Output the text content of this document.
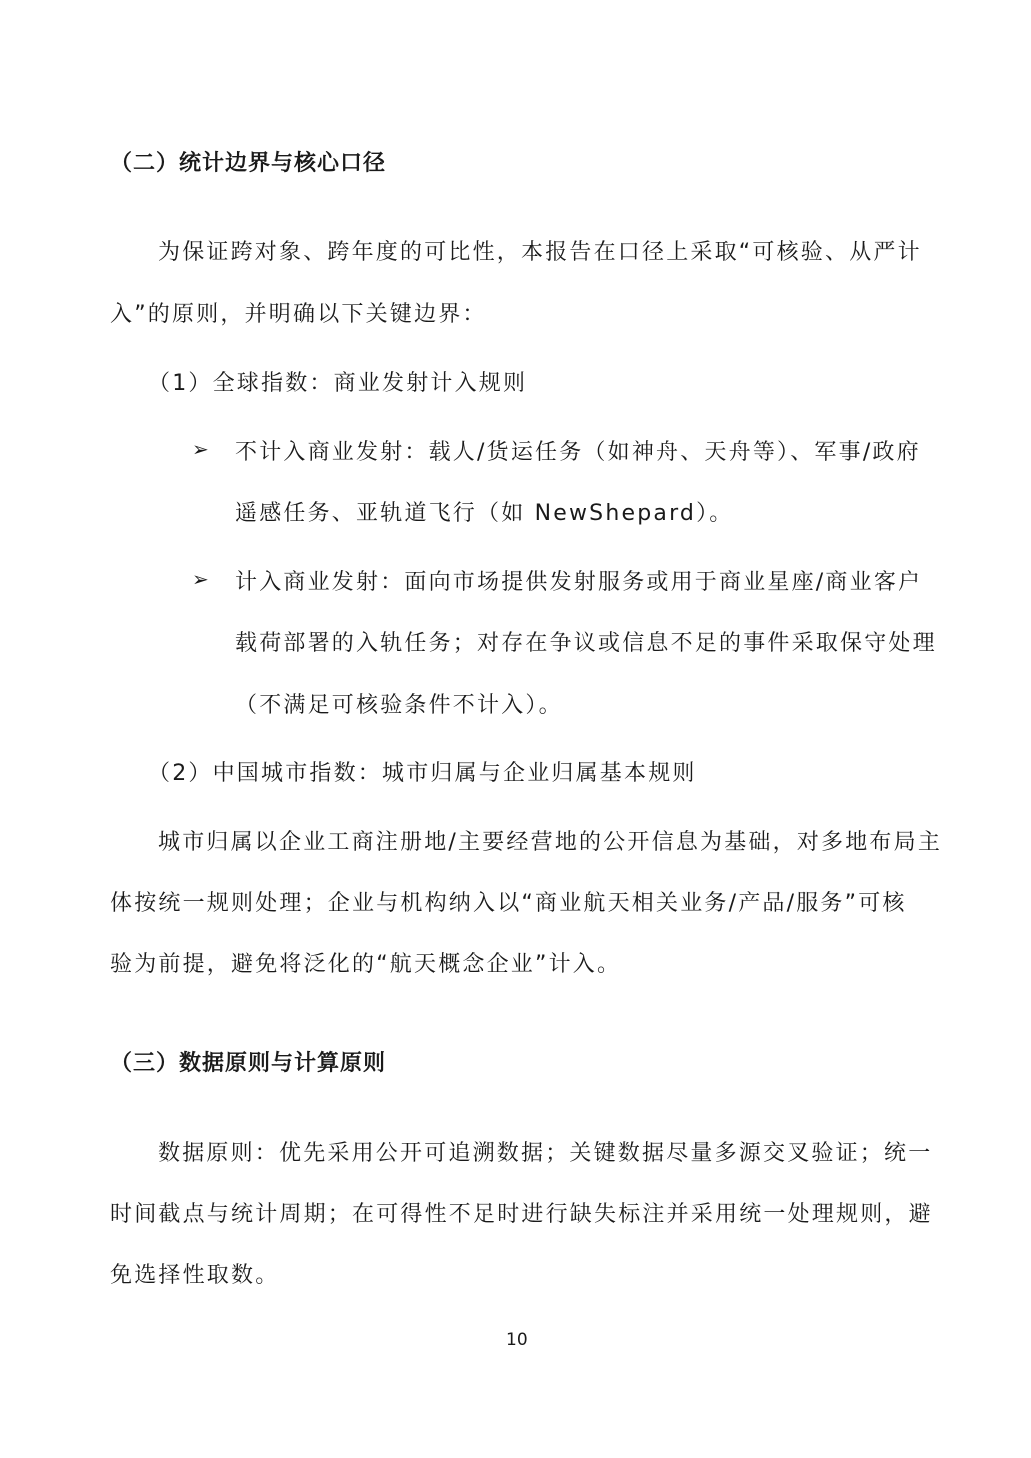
（二）统计边界与核心口径
为保证跨对象、跨年度的可比性，本报告在口径上采取“可核验、从严计
入”的原则，并明确以下关键边界：
（1）全球指数：商业发射计入规则
➢ 不计入商业发射：载人/货运任务（如神舟、天舟等）、军事/政府
遥感任务、亚轨道飞行（如 NewShepard）。
➢ 计入商业发射：面向市场提供发射服务或用于商业星座/商业客户
载荷部署的入轨任务；对存在争议或信息不足的事件采取保守处理
（不满足可核验条件不计入）。
（2）中国城市指数：城市归属与企业归属基本规则
城市归属以企业工商注册地/主要经营地的公开信息为基础，对多地布局主
体按统一规则处理；企业与机构纳入以“商业航天相关业务/产品/服务”可核
验为前提，避免将泛化的“航天概念企业”计入。
（三）数据原则与计算原则
数据原则：优先采用公开可追溯数据；关键数据尽量多源交叉验证；统一
时间截点与统计周期；在可得性不足时进行缺失标注并采用统一处理规则，避
免选择性取数。
10
